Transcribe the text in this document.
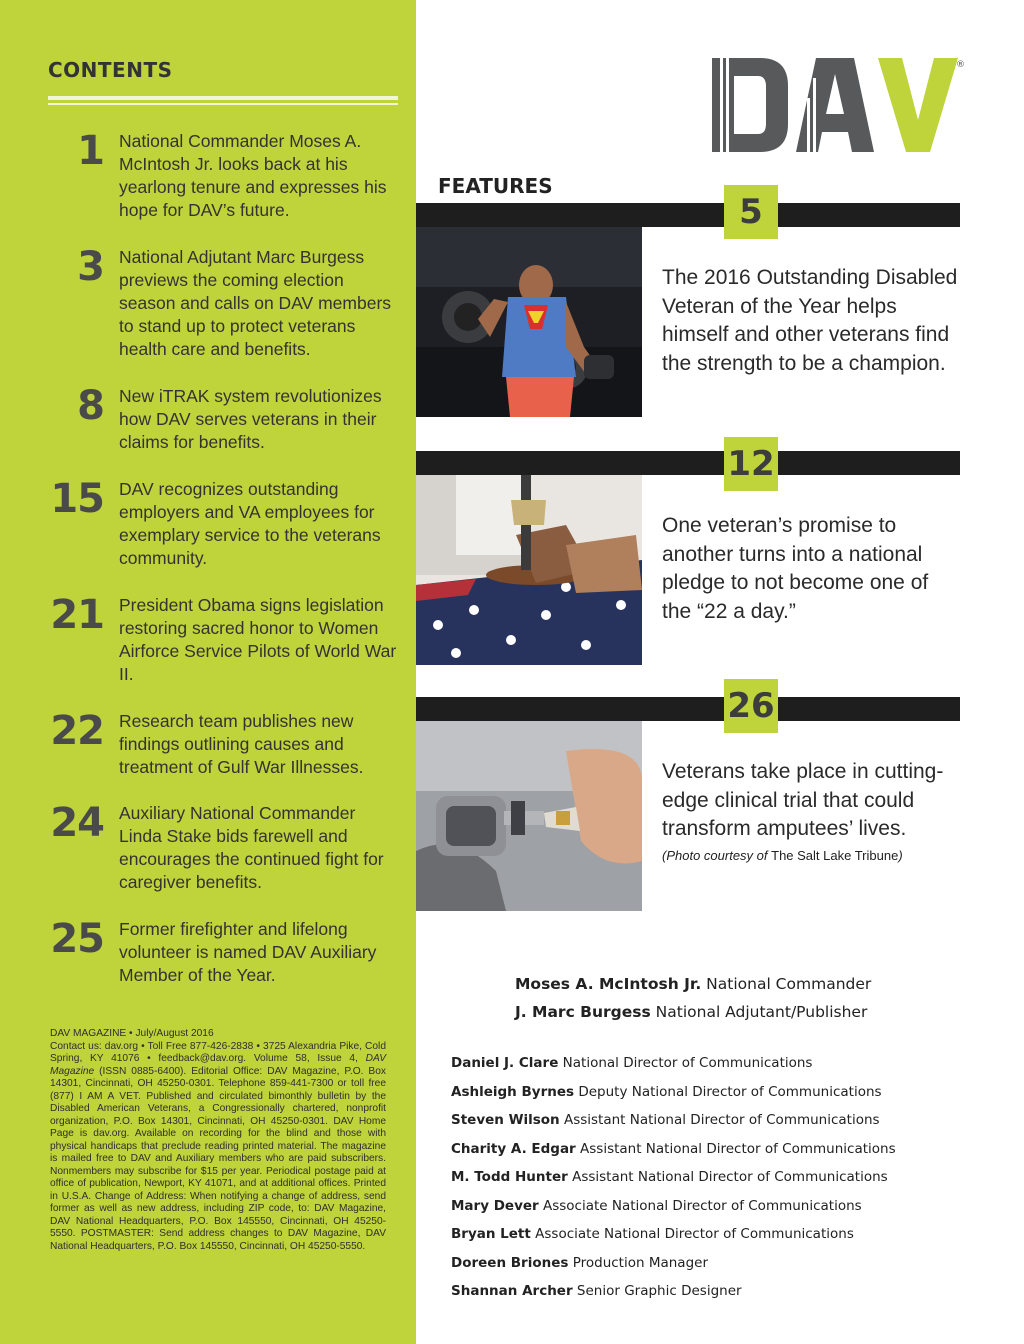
CONTENTS
1 National Commander Moses A. McIntosh Jr. looks back at his yearlong tenure and expresses his hope for DAV’s future.
3 National Adjutant Marc Burgess previews the coming election season and calls on DAV members to stand up to protect veterans health care and benefits.
8 New iTRAK system revolutionizes how DAV serves veterans in their claims for benefits.
15 DAV recognizes outstanding employers and VA employees for exemplary service to the veterans community.
21 President Obama signs legislation restoring sacred honor to Women Airforce Service Pilots of World War II.
22 Research team publishes new findings outlining causes and treatment of Gulf War Illnesses.
24 Auxiliary National Commander Linda Stake bids farewell and encourages the continued fight for caregiver benefits.
25 Former firefighter and lifelong volunteer is named DAV Auxiliary Member of the Year.
DAV MAGAZINE • July/August 2016
Contact us: dav.org • Toll Free 877-426-2838 • 3725 Alexandria Pike, Cold Spring, KY 41076 • feedback@dav.org. Volume 58, Issue 4, DAV Magazine (ISSN 0885-6400). Editorial Office: DAV Magazine, P.O. Box 14301, Cincinnati, OH 45250-0301. Telephone 859-441-7300 or toll free (877) I AM A VET. Published and circulated bimonthly bulletin by the Disabled American Veterans, a Congressionally chartered, nonprofit organization, P.O. Box 14301, Cincinnati, OH 45250-0301. DAV Home Page is dav.org. Available on recording for the blind and those with physical handicaps that preclude reading printed material. The magazine is mailed free to DAV and Auxiliary members who are paid subscribers. Nonmembers may subscribe for $15 per year. Periodical postage paid at office of publication, Newport, KY 41071, and at additional offices. Printed in U.S.A. Change of Address: When notifying a change of address, send former as well as new address, including ZIP code, to: DAV Magazine, DAV National Headquarters, P.O. Box 145550, Cincinnati, OH 45250-5550. POSTMASTER: Send address changes to DAV Magazine, DAV National Headquarters, P.O. Box 145550, Cincinnati, OH 45250-5550.
®
FEATURES
5
The 2016 Outstanding Disabled Veteran of the Year helps himself and other veterans find the strength to be a champion.
12
One veteran’s promise to another turns into a national pledge to not become one of the “22 a day.”
26
Veterans take place in cutting-edge clinical trial that could transform amputees’ lives.
(Photo courtesy of The Salt Lake Tribune)
Moses A. McIntosh Jr. National Commander
J. Marc Burgess National Adjutant/Publisher
Daniel J. Clare National Director of Communications
Ashleigh Byrnes Deputy National Director of Communications
Steven Wilson Assistant National Director of Communications
Charity A. Edgar Assistant National Director of Communications
M. Todd Hunter Assistant National Director of Communications
Mary Dever Associate National Director of Communications
Bryan Lett Associate National Director of Communications
Doreen Briones Production Manager
Shannan Archer Senior Graphic Designer
